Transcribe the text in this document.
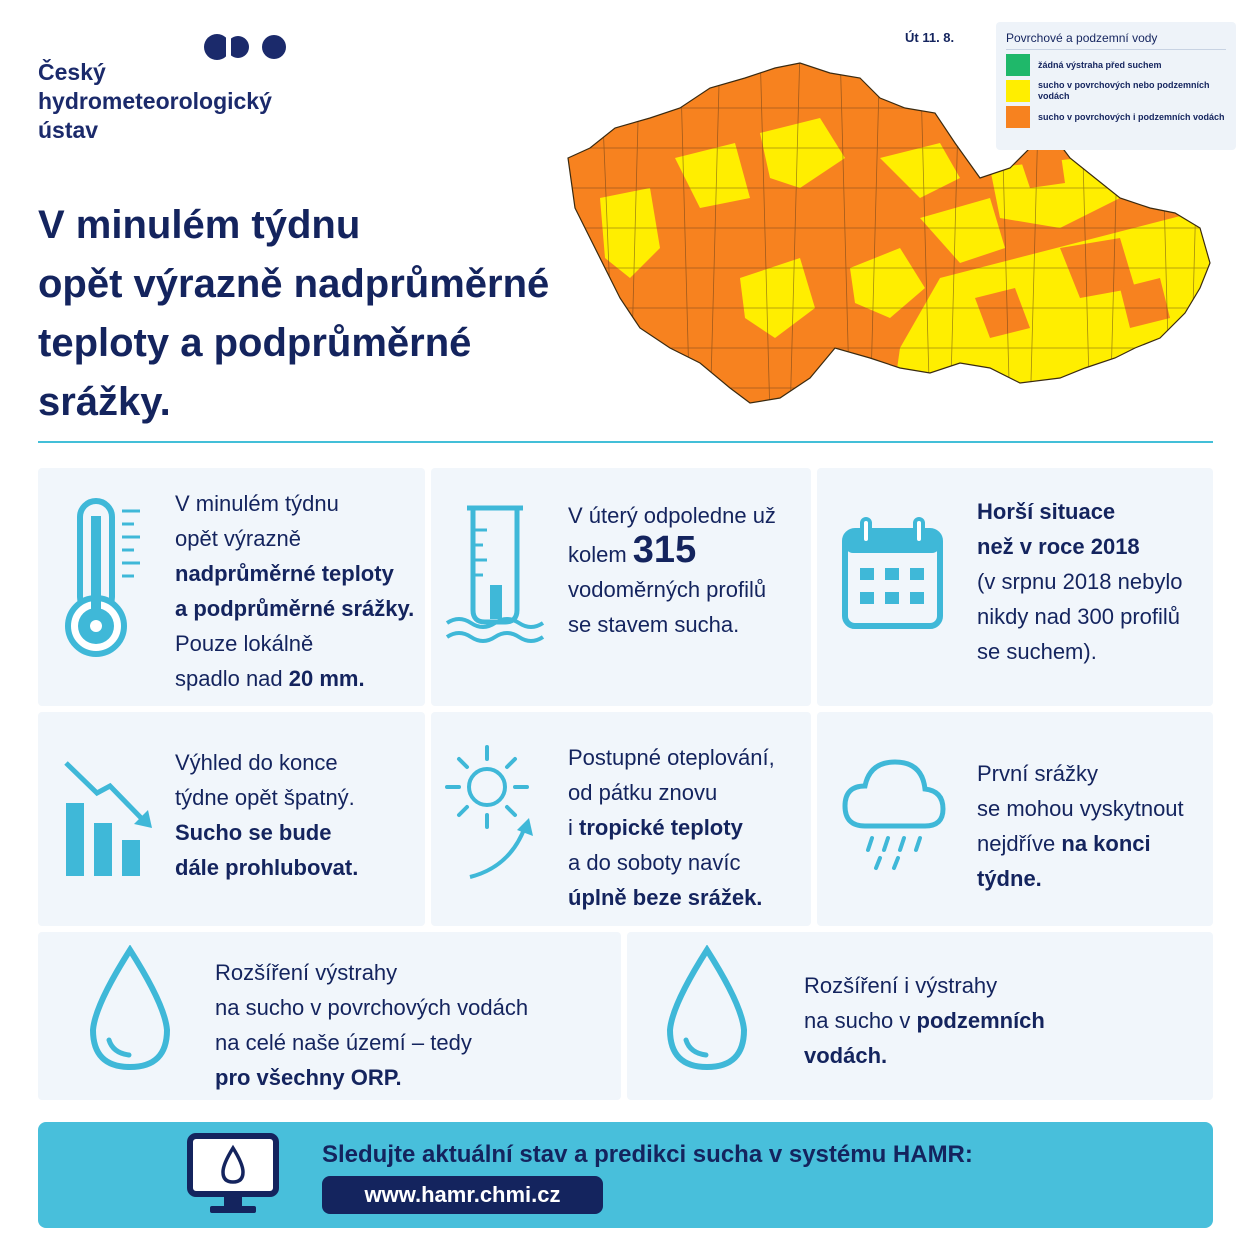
Český
hydrometeorologický
ústav
V minulém týdnu
opět výrazně nadprůměrné
teploty a podprůměrné
srážky.
Út 11. 8.	Povrchové a podzemní vody
žádná výstraha před suchem
sucho v povrchových nebo podzemních vodách
sucho v povrchových i podzemních vodách
V minulém týdnu
opět výrazně
nadprůměrné teploty
a podprůměrné srážky.
Pouze lokálně
spadlo nad 20 mm.
V úterý odpoledne už
kolem 315
vodoměrných profilů
se stavem sucha.
Horší situace
než v roce 2018
(v srpnu 2018 nebylo
nikdy nad 300 profilů
se suchem).
Výhled do konce
týdne opět špatný.
Sucho se bude
dále prohlubovat.
Postupné oteplování,
od pátku znovu
i tropické teploty
a do soboty navíc
úplně beze srážek.
První srážky
se mohou vyskytnout
nejdříve na konci
týdne.
Rozšíření výstrahy
na sucho v povrchových vodách
na celé naše území – tedy
pro všechny ORP.
Rozšíření i výstrahy
na sucho v podzemních
vodách.
Sledujte aktuální stav a predikci sucha v systému HAMR:
www.hamr.chmi.cz
